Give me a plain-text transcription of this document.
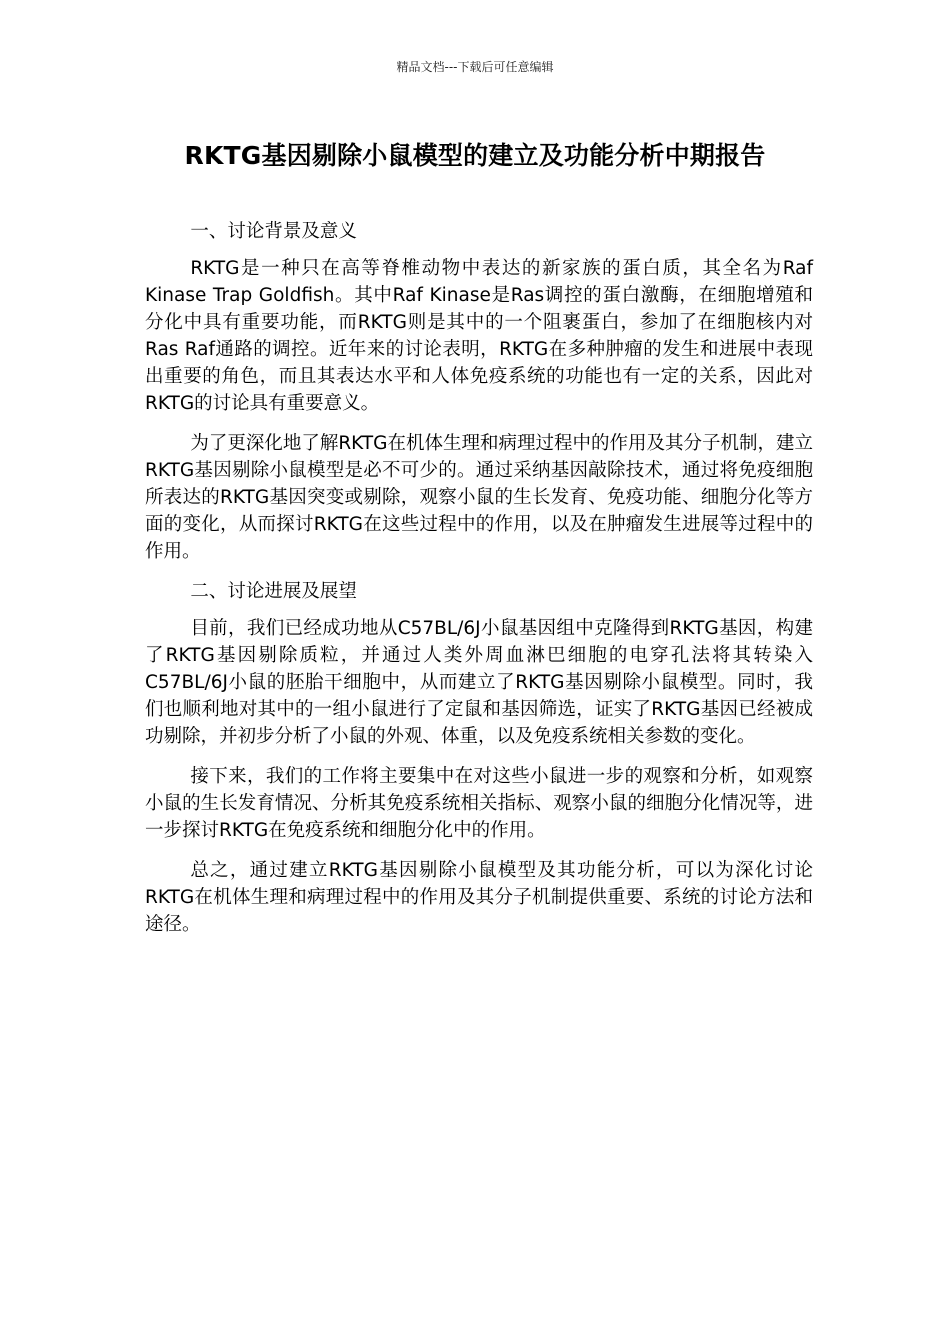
精品文档---下载后可任意编辑
RKTG基因剔除小鼠模型的建立及功能分析中期报告

一、讨论背景及意义

RKTG是一种只在高等脊椎动物中表达的新家族的蛋白质，其全名为Raf Kinase Trap Goldfish。其中Raf Kinase是Ras调控的蛋白激酶，在细胞增殖和分化中具有重要功能，而RKTG则是其中的一个阻裹蛋白，参加了在细胞核内对Ras Raf通路的调控。近年来的讨论表明，RKTG在多种肿瘤的发生和进展中表现出重要的角色，而且其表达水平和人体免疫系统的功能也有一定的关系，因此对RKTG的讨论具有重要意义。

为了更深化地了解RKTG在机体生理和病理过程中的作用及其分子机制，建立RKTG基因剔除小鼠模型是必不可少的。通过采纳基因敲除技术，通过将免疫细胞所表达的RKTG基因突变或剔除，观察小鼠的生长发育、免疫功能、细胞分化等方面的变化，从而探讨RKTG在这些过程中的作用，以及在肿瘤发生进展等过程中的作用。

二、讨论进展及展望

目前，我们已经成功地从C57BL/6J小鼠基因组中克隆得到RKTG基因，构建了RKTG基因剔除质粒，并通过人类外周血淋巴细胞的电穿孔法将其转染入C57BL/6J小鼠的胚胎干细胞中，从而建立了RKTG基因剔除小鼠模型。同时，我们也顺利地对其中的一组小鼠进行了定鼠和基因筛选，证实了RKTG基因已经被成功剔除，并初步分析了小鼠的外观、体重，以及免疫系统相关参数的变化。

接下来，我们的工作将主要集中在对这些小鼠进一步的观察和分析，如观察小鼠的生长发育情况、分析其免疫系统相关指标、观察小鼠的细胞分化情况等，进一步探讨RKTG在免疫系统和细胞分化中的作用。

总之，通过建立RKTG基因剔除小鼠模型及其功能分析，可以为深化讨论RKTG在机体生理和病理过程中的作用及其分子机制提供重要、系统的讨论方法和途径。
